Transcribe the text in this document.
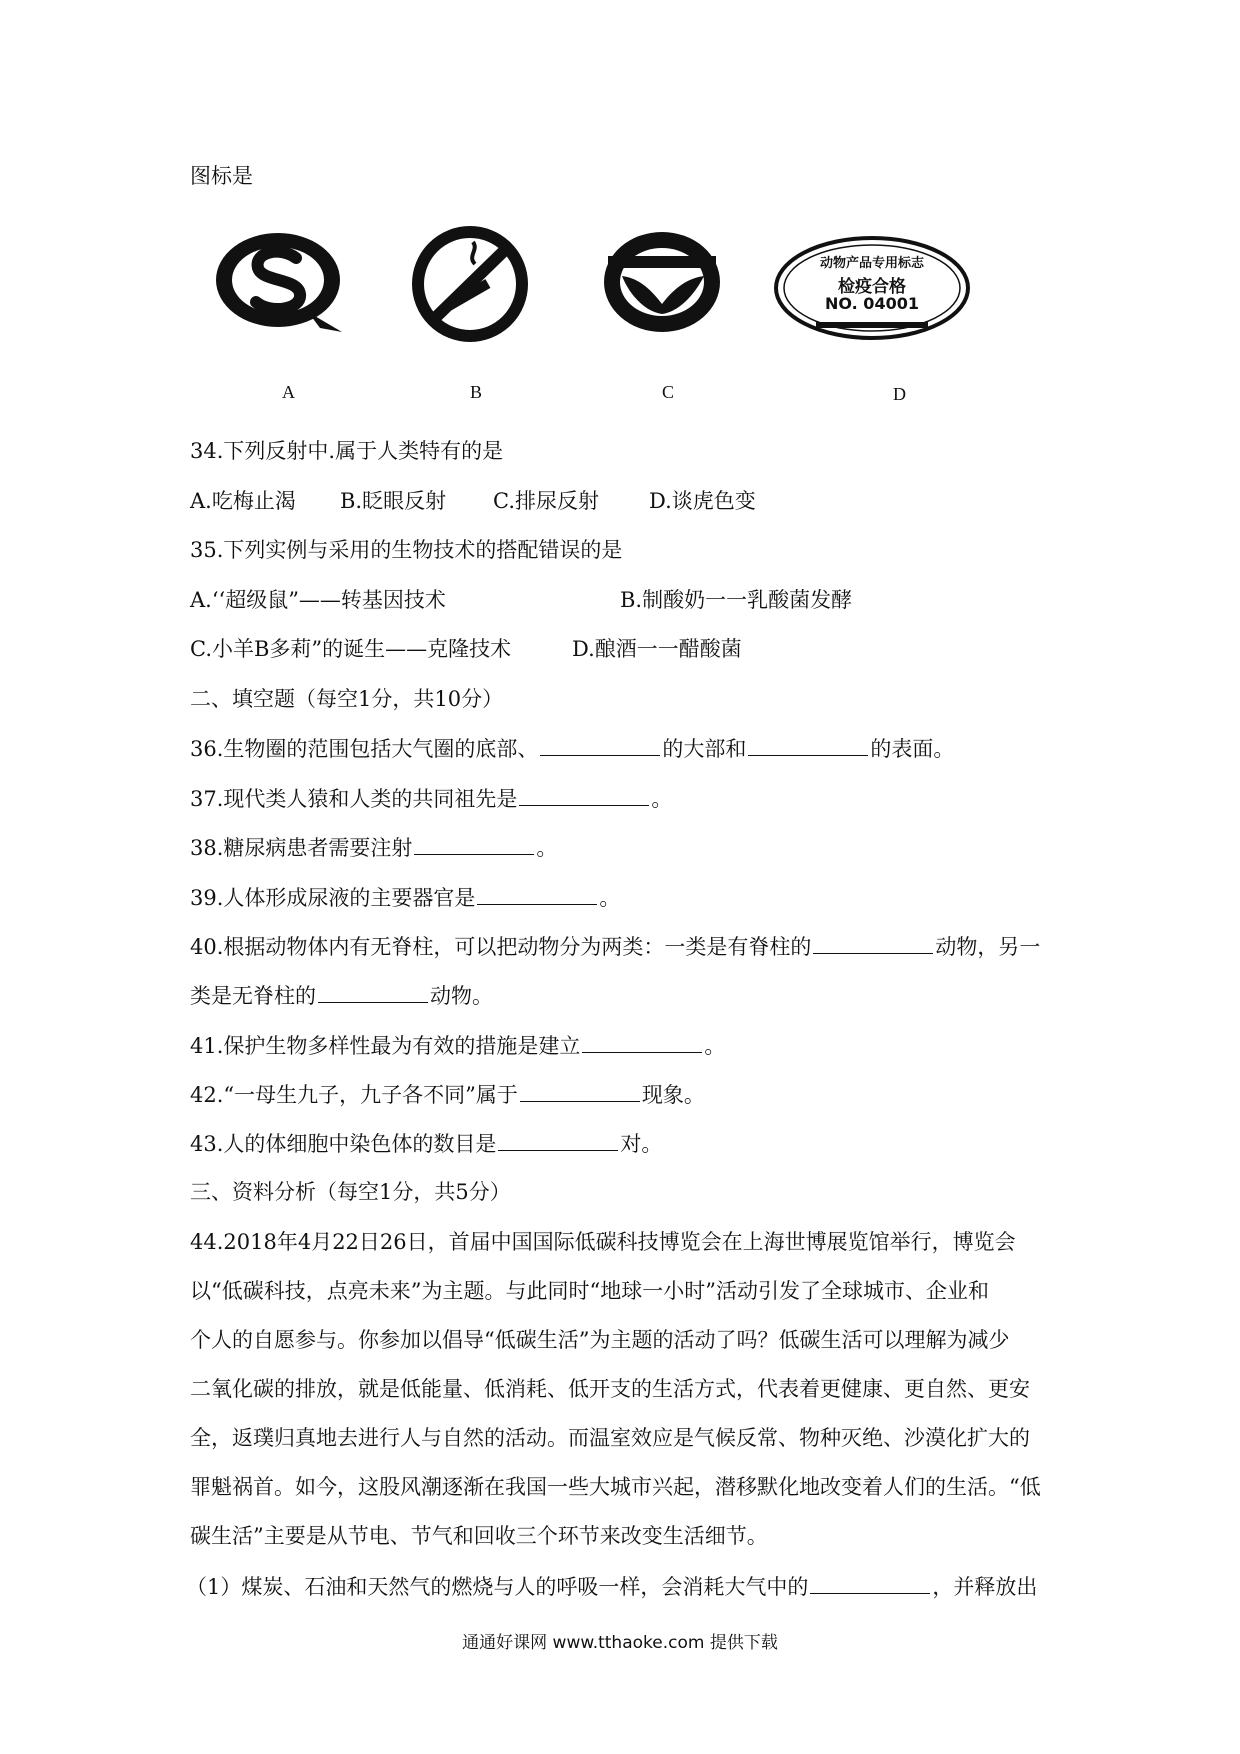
图标是
A	B	C
动物产品专用标志
检疫合格
NO. 04001
D
34.下列反射中.属于人类特有的是
A.吃梅止渴 B.眨眼反射 C.排尿反射 D.谈虎色变
35.下列实例与采用的生物技术的搭配错误的是
A.‘‘超级鼠”——转基因技术	B.制酸奶一一乳酸菌发酵
C.小羊B多莉”的诞生——克隆技术	D.酿酒一一醋酸菌
二、填空题（每空1分，共10分）
36.生物圈的范围包括大气圈的底部、	的大部和	的表面。
37.现代类人猿和人类的共同祖先是	。
38.糖尿病患者需要注射	。
39.人体形成尿液的主要器官是	。
40.根据动物体内有无脊柱，可以把动物分为两类：一类是有脊柱的	动物，另一
类是无脊柱的	动物。
41.保护生物多样性最为有效的措施是建立	。
42.“一母生九子，九子各不同”属于	现象。
43.人的体细胞中染色体的数目是	对。
三、资料分析（每空1分，共5分）
44.2018年4月22日26日，首届中国国际低碳科技博览会在上海世博展览馆举行，博览会
以“低碳科技，点亮未来”为主题。与此同时“地球一小时”活动引发了全球城市、企业和
个人的自愿参与。你参加以倡导“低碳生活”为主题的活动了吗？低碳生活可以理解为减少
二氧化碳的排放，就是低能量、低消耗、低开支的生活方式，代表着更健康、更自然、更安
全，返璞归真地去进行人与自然的活动。而温室效应是气候反常、物种灭绝、沙漠化扩大的
罪魁祸首。如今，这股风潮逐渐在我国一些大城市兴起，潜移默化地改变着人们的生活。“低
碳生活”主要是从节电、节气和回收三个环节来改变生活细节。
（1）煤炭、石油和天然气的燃烧与人的呼吸一样，会消耗大气中的	，并释放出
通通好课网 www.tthaoke.com 提供下载
